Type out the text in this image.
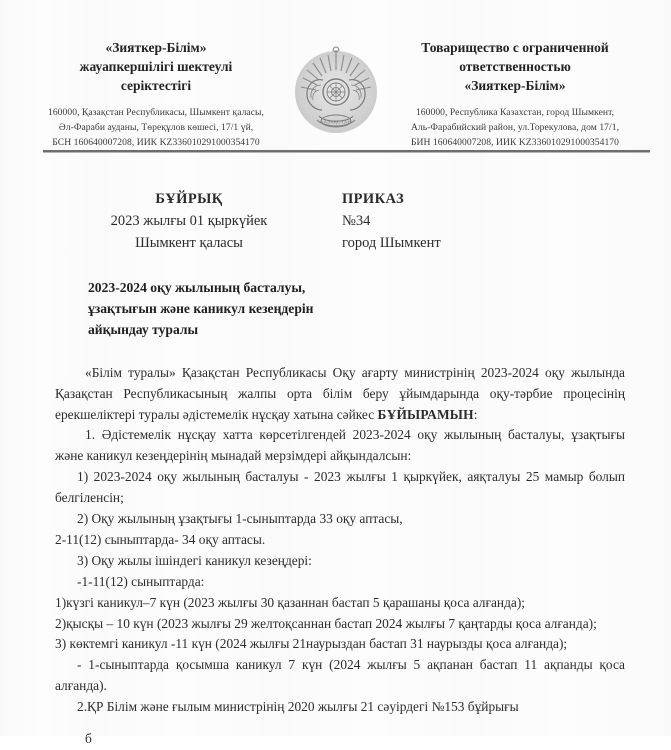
«Зияткер-Білім»
жауапкершілігі шектеулі
серіктестігі
160000, Қазақстан Республикасы, Шымкент қаласы,
Әл-Фараби ауданы, Төреқұлов көшесі, 17/1 үй,
БСН 160640007208, ИИК KZ336010291000354170
ҚАЗАҚСТАН
Товарищество с ограниченной
ответственностью
«Зияткер-Білім»
160000, Республика Казахстан, город Шымкент,
Аль-Фарабийский район, ул.Торекулова, дом 17/1,
БИН 160640007208, ИИК KZ336010291000354170
БҰЙРЫҚ
2023 жылғы 01 қыркүйек
Шымкент қаласы
ПРИКАЗ
№34
город Шымкент
2023-2024 оқу жылының басталуы,
ұзақтығын және каникул кезеңдерін
айқындау туралы

«Білім туралы» Қазақстан Республикасы Оқу ағарту министрінің 2023-2024 оқу жылында Қазақстан Республикасының жалпы орта білім беру ұйымдарында оқу-тәрбие процесінің ерекшеліктері туралы әдістемелік нұсқау хатына сәйкес БҰЙЫРАМЫН:

1. Әдістемелік нұсқау хатта көрсетілгендей 2023-2024 оқу жылының басталуы, ұзақтығы және каникул кезеңдерінің мынадай мерзімдері айқындалсын:

1) 2023-2024 оқу жылының басталуы - 2023 жылғы 1 қыркүйек, аяқталуы 25 мамыр болып белгіленсін;

2) Оқу жылының ұзақтығы 1-сыныптарда 33 оқу аптасы,

2-11(12) сыныптарда- 34 оқу аптасы.

3) Оқу жылы ішіндегі каникул кезеңдері:

-1-11(12) сыныптарда:

1)күзгі каникул–7 күн (2023 жылғы 30 қазаннан бастап 5 қарашаны қоса алғанда);

2)қысқы – 10 күн (2023 жылғы 29 желтоқсаннан бастап 2024 жылғы 7 қаңтарды қоса алғанда);

3) көктемгі каникул -11 күн (2024 жылғы 21наурыздан бастап 31 наурызды қоса алғанда);

- 1-сыныптарда қосымша каникул 7 күн (2024 жылғы 5 ақпанан бастап 11 ақпанды қоса алғанда).

2.ҚР Білім және ғылым министрінің 2020 жылғы 21 сәуірдегі №153 бұйрығы

б
